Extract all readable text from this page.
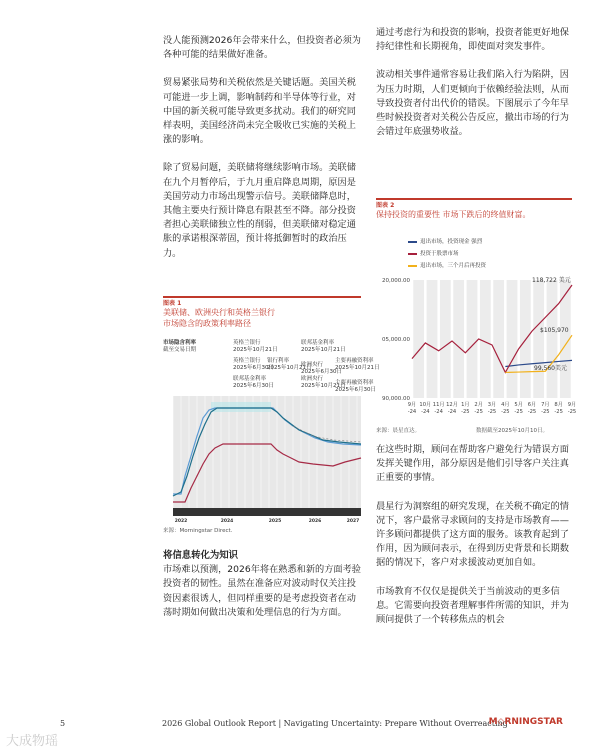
没人能预测2026年会带来什么，但投资者必须为各种可能的结果做好准备。

贸易紧张局势和关税依然是关键话题。美国关税可能进一步上调，影响制药和半导体等行业，对中国的新关税可能导致更多扰动。我们的研究同样表明，美国经济尚未完全吸收已实施的关税上涨的影响。

除了贸易问题，美联储将继续影响市场。美联储在九个月暂停后，于九月重启降息周期，原因是美国劳动力市场出现警示信号。美联储降息时，其他主要央行预计降息有限甚至不降。部分投资者担心美联储独立性的削弱，但美联储对稳定通胀的承诺根深蒂固，预计将抵御暂时的政治压力。

图表 1
美联储、欧洲央行和英格兰银行
市场隐含的政策利率路径
市场隐含利率
截至交易日期
英格兰银行
2025年10月21日
联邦基金利率
2025年10月21日
英格兰银行
2025年6月30日
银行利率
2025年10月21日
欧洲央行
2025年6月30日
主要再融资利率
2025年10月21日
联邦基金利率
2025年6月30日
欧洲央行
2025年10月21日
主要再融资利率
2025年6月30日
2022	2024	2025	2026	2027
来源：Morningstar Direct.
将信息转化为知识

市场难以预测，2026年将在熟悉和新的方面考验投资者的韧性。虽然在准备应对波动时仅关注投资因素很诱人，但同样重要的是考虑投资者在动荡时期如何做出决策和处理信息的行为方面。

通过考虑行为和投资的影响，投资者能更好地保持纪律性和长期视角，即使面对突发事件。

波动相关事件通常容易让我们陷入行为陷阱，因为压力时期，人们更倾向于依赖经验法则，从而导致投资者付出代价的错误。下图展示了今年早些时候投资者对关税公告反应，撤出市场的行为会错过年底强势收益。

图表 2
保持投资的重要性 市场下跌后的终值财富。
退出市场，投资现金 强烈
投资于股票市场
退出市场，三个月后再投资
20,000.00
05,000.00
90,000.00
118,722 美元
$105,970
99,560美元
9月
-24
10月
-24
11月
-24
12月
-24
1月
-25
2月
-25
3月
-25
4月
-25
5月
-25
6月
-25
7月
-25
8月
-25
9月
-25
来源：晨星直达。	数据截至2025年10月10日。

在这些时期，顾问在帮助客户避免行为错误方面发挥关键作用，部分原因是他们引导客户关注真正重要的事情。

晨星行为洞察组的研究发现，在关税不确定的情况下，客户最常寻求顾问的支持是市场教育——许多顾问都提供了这方面的服务。该教育起到了作用，因为顾问表示，在得到历史背景和长期数据的情况下，客户对求援波动更加自如。

市场教育不仅仅是提供关于当前波动的更多信息。它需要向投资者理解事件所需的知识，并为顾问提供了一个转移焦点的机会

5	2026 Global Outlook Report | Navigating Uncertainty: Prepare Without Overreacting
M◇RNINGSTAR
大成物瑶
